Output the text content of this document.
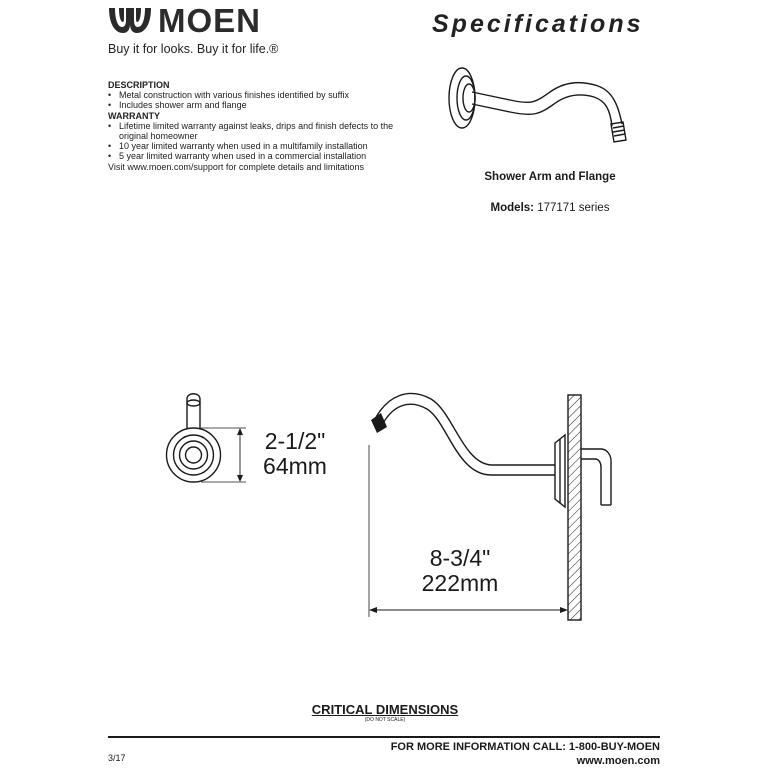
MOEN
Buy it for looks. Buy it for life.®
Specifications
DESCRIPTION
• Metal construction with various finishes identified by suffix
• Includes shower arm and flange
WARRANTY
• Lifetime limited warranty against leaks, drips and finish defects to the original homeowner
• 10 year limited warranty when used in a multifamily installation
• 5 year limited warranty when used in a commercial installation
Visit www.moen.com/support for complete details and limitations
Shower Arm and Flange
Models: 177171 series
2-1/2"
64mm
8-3/4"
222mm
CRITICAL DIMENSIONS
(DO NOT SCALE)
3/17
FOR MORE INFORMATION CALL: 1-800-BUY-MOEN
www.moen.com
